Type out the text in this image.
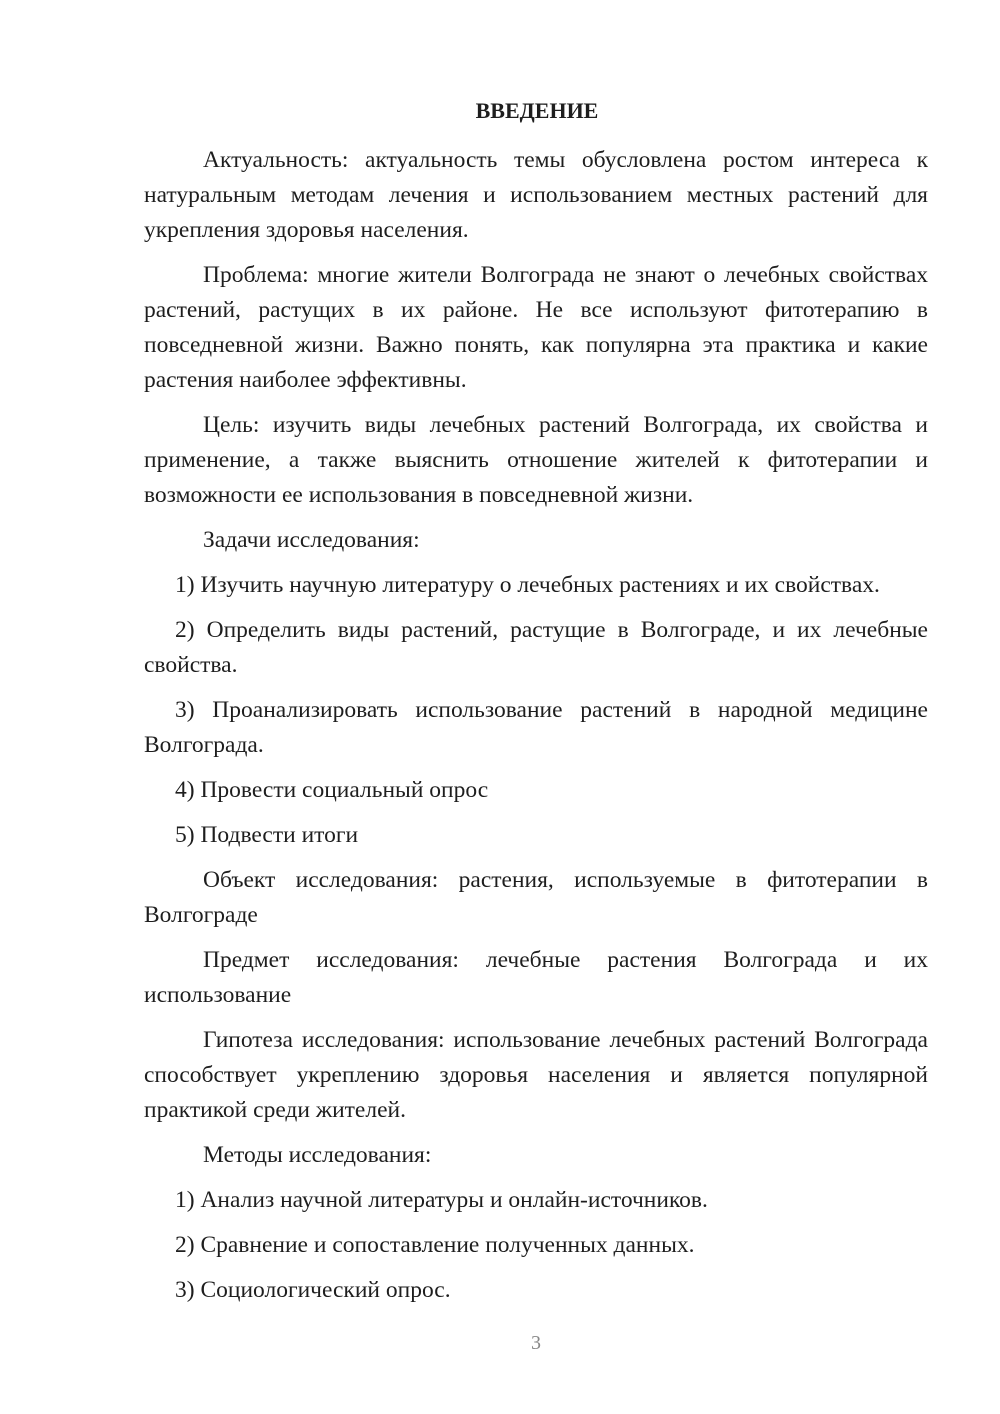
ВВЕДЕНИЕ

Актуальность: актуальность темы обусловлена ростом интереса к натуральным методам лечения и использованием местных растений для укрепления здоровья населения.

Проблема: многие жители Волгограда не знают о лечебных свойствах растений, растущих в их районе. Не все используют фитотерапию в повседневной жизни. Важно понять, как популярна эта практика и какие растения наиболее эффективны.

Цель: изучить виды лечебных растений Волгограда, их свойства и применение, а также выяснить отношение жителей к фитотерапии и возможности ее использования в повседневной жизни.

Задачи исследования:

1) Изучить научную литературу о лечебных растениях и их свойствах.

2) Определить виды растений, растущие в Волгограде, и их лечебные свойства.

3) Проанализировать использование растений в народной медицине Волгограда.

4) Провести социальный опрос

5) Подвести итоги

Объект исследования: растения, используемые в фитотерапии в Волгограде

Предмет исследования: лечебные растения Волгограда и их использование

Гипотеза исследования: использование лечебных растений Волгограда способствует укреплению здоровья населения и является популярной практикой среди жителей.

Методы исследования:

1) Анализ научной литературы и онлайн-источников.

2) Сравнение и сопоставление полученных данных.

3) Социологический опрос.

3
